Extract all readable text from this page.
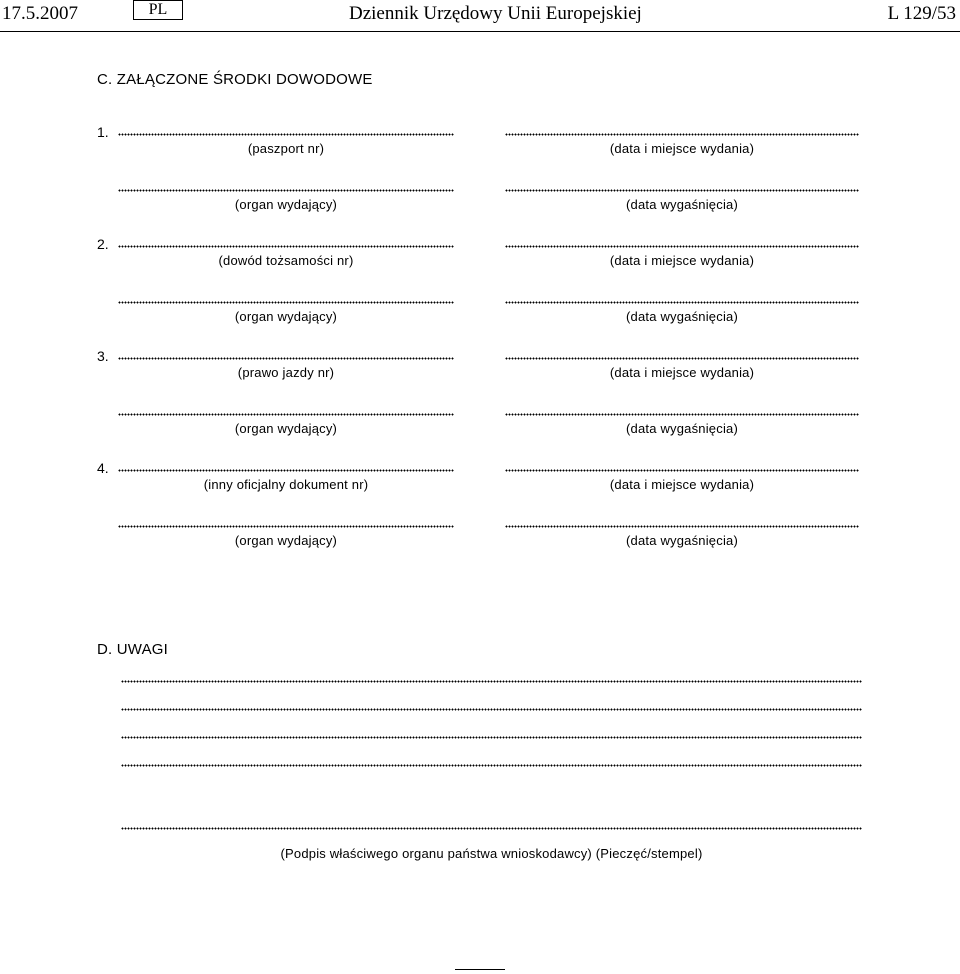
17.5.2007	PL	Dziennik Urzędowy Unii Europejskiej	L 129/53
C. ZAŁĄCZONE ŚRODKI DOWODOWE
1.
(paszport nr)	(data i miejsce wydania)
(organ wydający)	(data wygaśnięcia)
2.
(dowód tożsamości nr)	(data i miejsce wydania)
(organ wydający)	(data wygaśnięcia)
3.
(prawo jazdy nr)	(data i miejsce wydania)
(organ wydający)	(data wygaśnięcia)
4.
(inny oficjalny dokument nr)	(data i miejsce wydania)
(organ wydający)	(data wygaśnięcia)
D. UWAGI
(Podpis właściwego organu państwa wnioskodawcy) (Pieczęć/stempel)
